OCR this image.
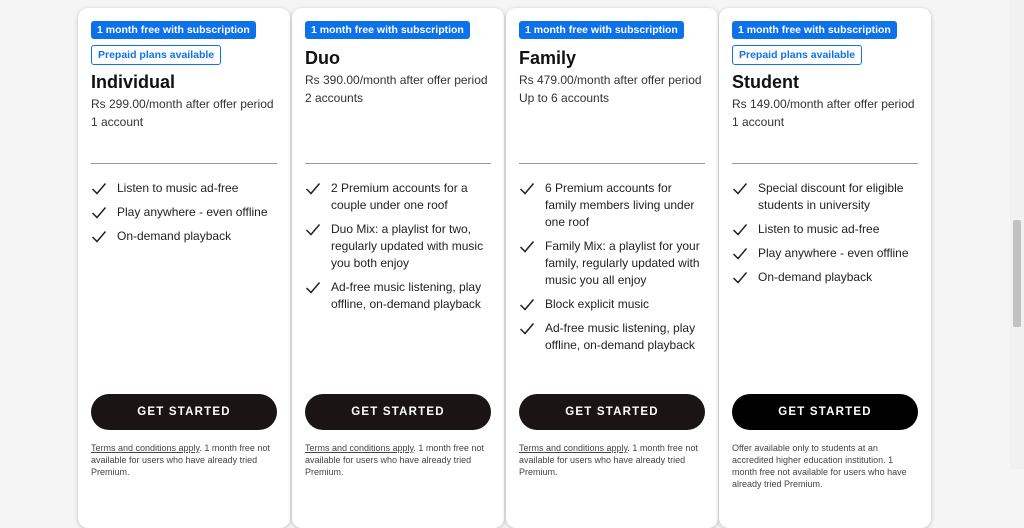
1 month free with subscription
Prepaid plans available
Individual
Rs 299.00/month after offer period
1 account
Listen to music ad-free
Play anywhere - even offline
On-demand playback
GET STARTED
Terms and conditions apply. 1 month free not available for users who have already tried Premium.
1 month free with subscription
Duo
Rs 390.00/month after offer period
2 accounts
2 Premium accounts for a couple under one roof
Duo Mix: a playlist for two, regularly updated with music you both enjoy
Ad-free music listening, play offline, on-demand playback
GET STARTED
Terms and conditions apply. 1 month free not available for users who have already tried Premium.
1 month free with subscription
Family
Rs 479.00/month after offer period
Up to 6 accounts
6 Premium accounts for family members living under one roof
Family Mix: a playlist for your family, regularly updated with music you all enjoy
Block explicit music
Ad-free music listening, play offline, on-demand playback
GET STARTED
Terms and conditions apply. 1 month free not available for users who have already tried Premium.
1 month free with subscription
Prepaid plans available
Student
Rs 149.00/month after offer period
1 account
Special discount for eligible students in university
Listen to music ad-free
Play anywhere - even offline
On-demand playback
GET STARTED
Offer available only to students at an accredited higher education institution. 1 month free not available for users who have already tried Premium.
